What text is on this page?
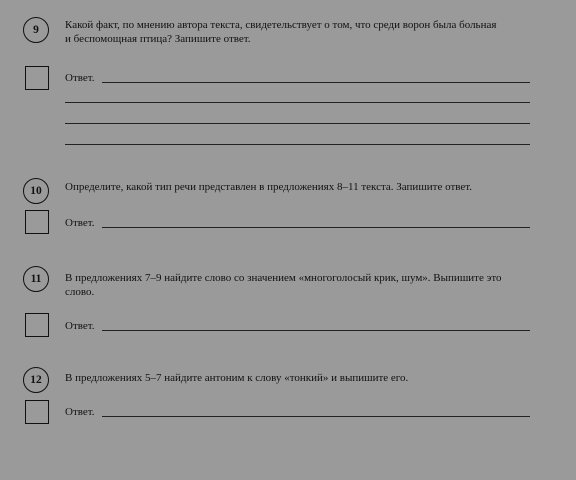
9	Какой факт, по мнению автора текста, свидетельствует о том, что среди ворон была больная
и беспомощная птица? Запишите ответ.
Ответ.
10	Определите, какой тип речи представлен в предложениях 8–11 текста. Запишите ответ.
Ответ.
11	В предложениях 7–9 найдите слово со значением «многоголосый крик, шум». Выпишите это
слово.
Ответ.
12	В предложениях 5–7 найдите антоним к слову «тонкий» и выпишите его.
Ответ.
